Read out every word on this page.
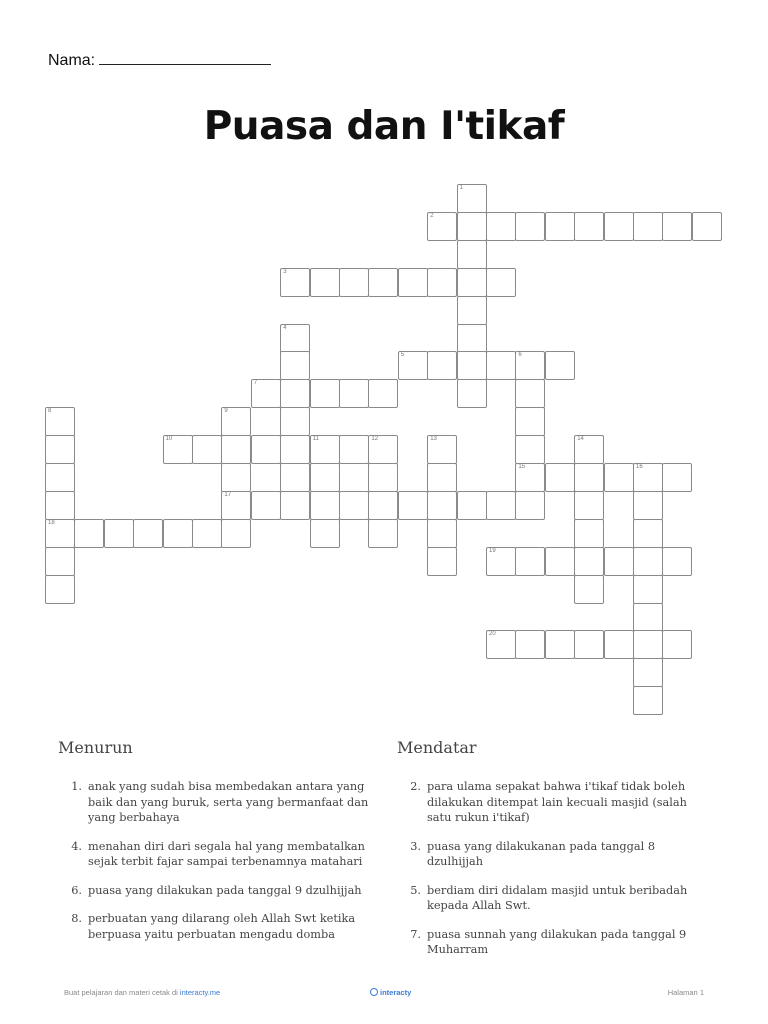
Nama:
Puasa dan I'tikaf
1
2
3
4
5	6
7
8
18
9
17
10	11	12	13	14
15	16
19
20
Menurun
1. anak yang sudah bisa membedakan antara yang baik dan yang buruk, serta yang bermanfaat dan yang berbahaya
4. menahan diri dari segala hal yang membatalkan sejak terbit fajar sampai terbenamnya matahari
6. puasa yang dilakukan pada tanggal 9 dzulhijjah
8. perbuatan yang dilarang oleh Allah Swt ketika berpuasa yaitu perbuatan mengadu domba
Mendatar
2. para ulama sepakat bahwa i'tikaf tidak boleh dilakukan ditempat lain kecuali masjid (salah satu rukun i'tikaf)
3. puasa yang dilakukanan pada tanggal 8 dzulhijjah
5. berdiam diri didalam masjid untuk beribadah kepada Allah Swt.
7. puasa sunnah yang dilakukan pada tanggal 9 Muharram
Buat pelajaran dan materi cetak di interacty.me	interacty	Halaman 1
